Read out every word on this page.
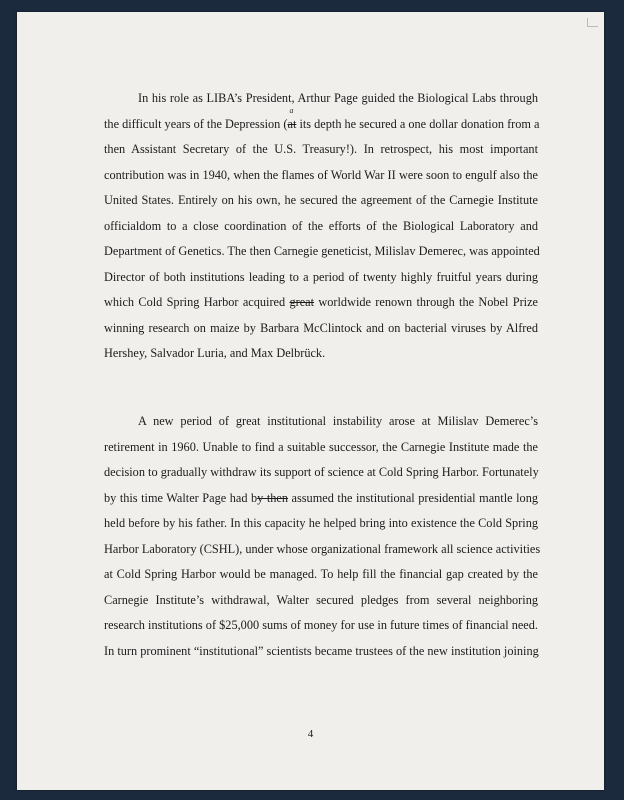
In his role as LIBA’s President, Arthur Page guided the Biological Labs through
the difficult years of the Depression (
a
at its depth he secured a one dollar donation from a
then Assistant Secretary of the U.S. Treasury!). In retrospect, his most important
contribution was in 1940, when the flames of World War II were soon to engulf also the
United States. Entirely on his own, he secured the agreement of the Carnegie Institute
officialdom to a close coordination of the efforts of the Biological Laboratory and
Department of Genetics. The then Carnegie geneticist, Milislav Demerec, was appointed
Director of both institutions leading to a period of twenty highly fruitful years during
which Cold Spring Harbor acquired great worldwide renown through the Nobel Prize
winning research on maize by Barbara McClintock and on bacterial viruses by Alfred
Hershey, Salvador Luria, and Max Delbrück.
A new period of great institutional instability arose at Milislav Demerec’s
retirement in 1960. Unable to find a suitable successor, the Carnegie Institute made the
decision to gradually withdraw its support of science at Cold Spring Harbor. Fortunately
by this time Walter Page had by then assumed the institutional presidential mantle long
held before by his father. In this capacity he helped bring into existence the Cold Spring
Harbor Laboratory (CSHL), under whose organizational framework all science activities
at Cold Spring Harbor would be managed. To help fill the financial gap created by the
Carnegie Institute’s withdrawal, Walter secured pledges from several neighboring
research institutions of $25,000 sums of money for use in future times of financial need.
In turn prominent “institutional” scientists became trustees of the new institution joining
4
